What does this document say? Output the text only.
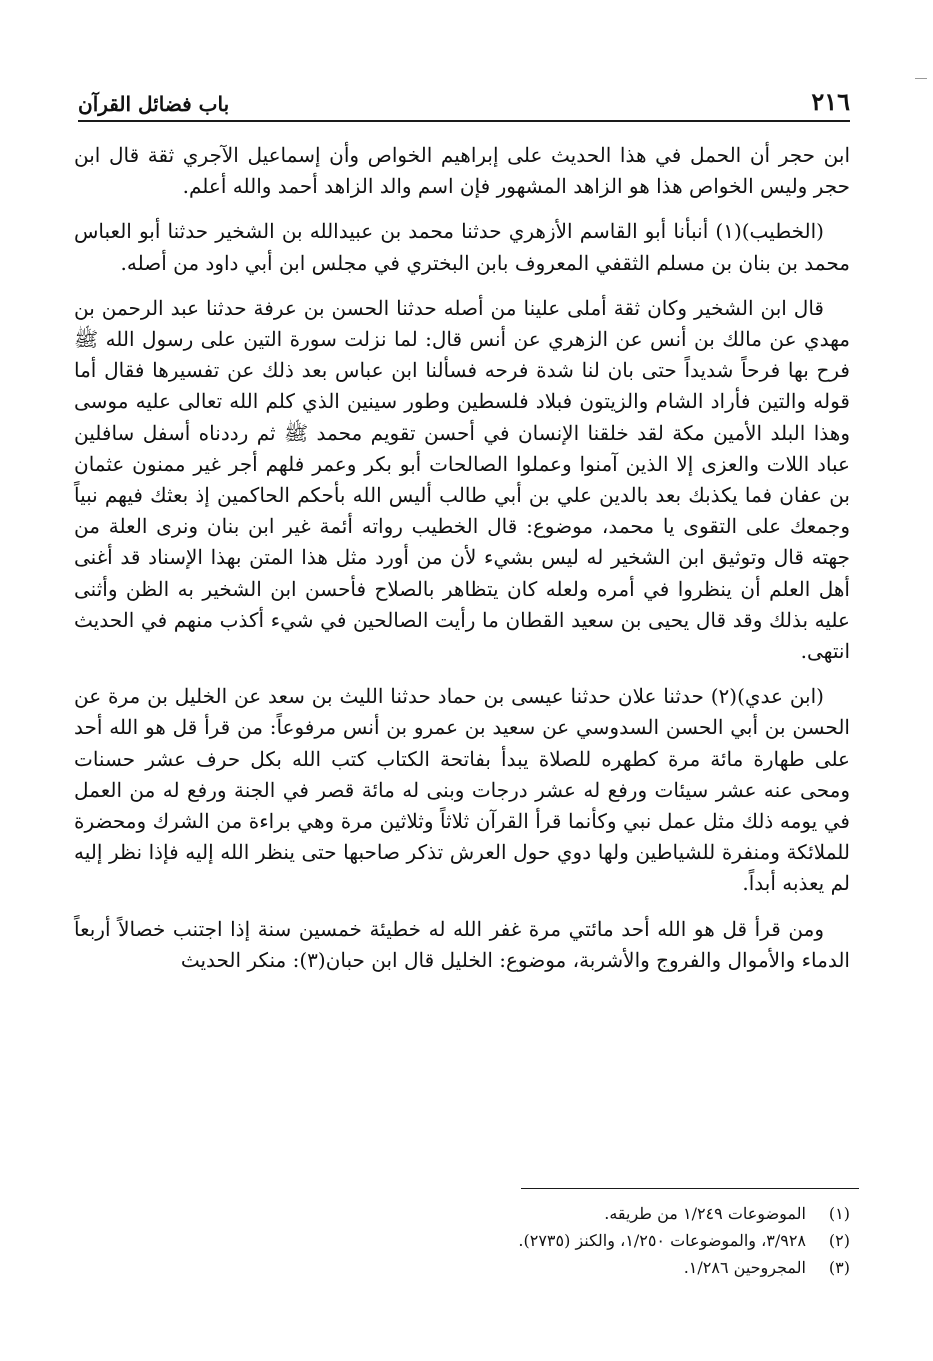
٢١٦
باب فضائل القرآن

ابن حجر أن الحمل في هذا الحديث على إبراهيم الخواص وأن إسماعيل الآجري ثقة قال ابن حجر وليس الخواص هذا هو الزاهد المشهور فإن اسم والد الزاهد أحمد والله أعلم.

(الخطيب)(١) أنبأنا أبو القاسم الأزهري حدثنا محمد بن عبيدالله بن الشخير حدثنا أبو العباس محمد بن بنان بن مسلم الثقفي المعروف بابن البختري في مجلس ابن أبي داود من أصله.

قال ابن الشخير وكان ثقة أملى علينا من أصله حدثنا الحسن بن عرفة حدثنا عبد الرحمن بن مهدي عن مالك بن أنس عن الزهري عن أنس قال: لما نزلت سورة التين على رسول الله ﷺ فرح بها فرحاً شديداً حتى بان لنا شدة فرحه فسألنا ابن عباس بعد ذلك عن تفسيرها فقال أما قوله والتين فأراد الشام والزيتون فبلاد فلسطين وطور سينين الذي كلم الله تعالى عليه موسى وهذا البلد الأمين مكة لقد خلقنا الإنسان في أحسن تقويم محمد ﷺ ثم رددناه أسفل سافلين عباد اللات والعزى إلا الذين آمنوا وعملوا الصالحات أبو بكر وعمر فلهم أجر غير ممنون عثمان بن عفان فما يكذبك بعد بالدين علي بن أبي طالب أليس الله بأحكم الحاكمين إذ بعثك فيهم نبياً وجمعك على التقوى يا محمد، موضوع: قال الخطيب رواته أئمة غير ابن بنان ونرى العلة من جهته قال وتوثيق ابن الشخير له ليس بشيء لأن من أورد مثل هذا المتن بهذا الإسناد قد أغنى أهل العلم أن ينظروا في أمره ولعله كان يتظاهر بالصلاح فأحسن ابن الشخير به الظن وأثنى عليه بذلك وقد قال يحيى بن سعيد القطان ما رأيت الصالحين في شيء أكذب منهم في الحديث انتهى.

(ابن عدي)(٢) حدثنا علان حدثنا عيسى بن حماد حدثنا الليث بن سعد عن الخليل بن مرة عن الحسن بن أبي الحسن السدوسي عن سعيد بن عمرو بن أنس مرفوعاً: من قرأ قل هو الله أحد على طهارة مائة مرة كطهره للصلاة يبدأ بفاتحة الكتاب كتب الله بكل حرف عشر حسنات ومحى عنه عشر سيئات ورفع له عشر درجات وبنى له مائة قصر في الجنة ورفع له من العمل في يومه ذلك مثل عمل نبي وكأنما قرأ القرآن ثلاثاً وثلاثين مرة وهي براءة من الشرك ومحضرة للملائكة ومنفرة للشياطين ولها دوي حول العرش تذكر صاحبها حتى ينظر الله إليه فإذا نظر إليه لم يعذبه أبداً.

ومن قرأ قل هو الله أحد مائتي مرة غفر الله له خطيئة خمسين سنة إذا اجتنب خصالاً أربعاً الدماء والأموال والفروج والأشربة، موضوع: الخليل قال ابن حبان(٣): منكر الحديث

(١)
الموضوعات ١/٢٤٩ من طريقه.
(٢)
٣/٩٢٨، والموضوعات ١/٢٥٠، والكنز (٢٧٣٥).
(٣)
المجروحين ١/٢٨٦.
